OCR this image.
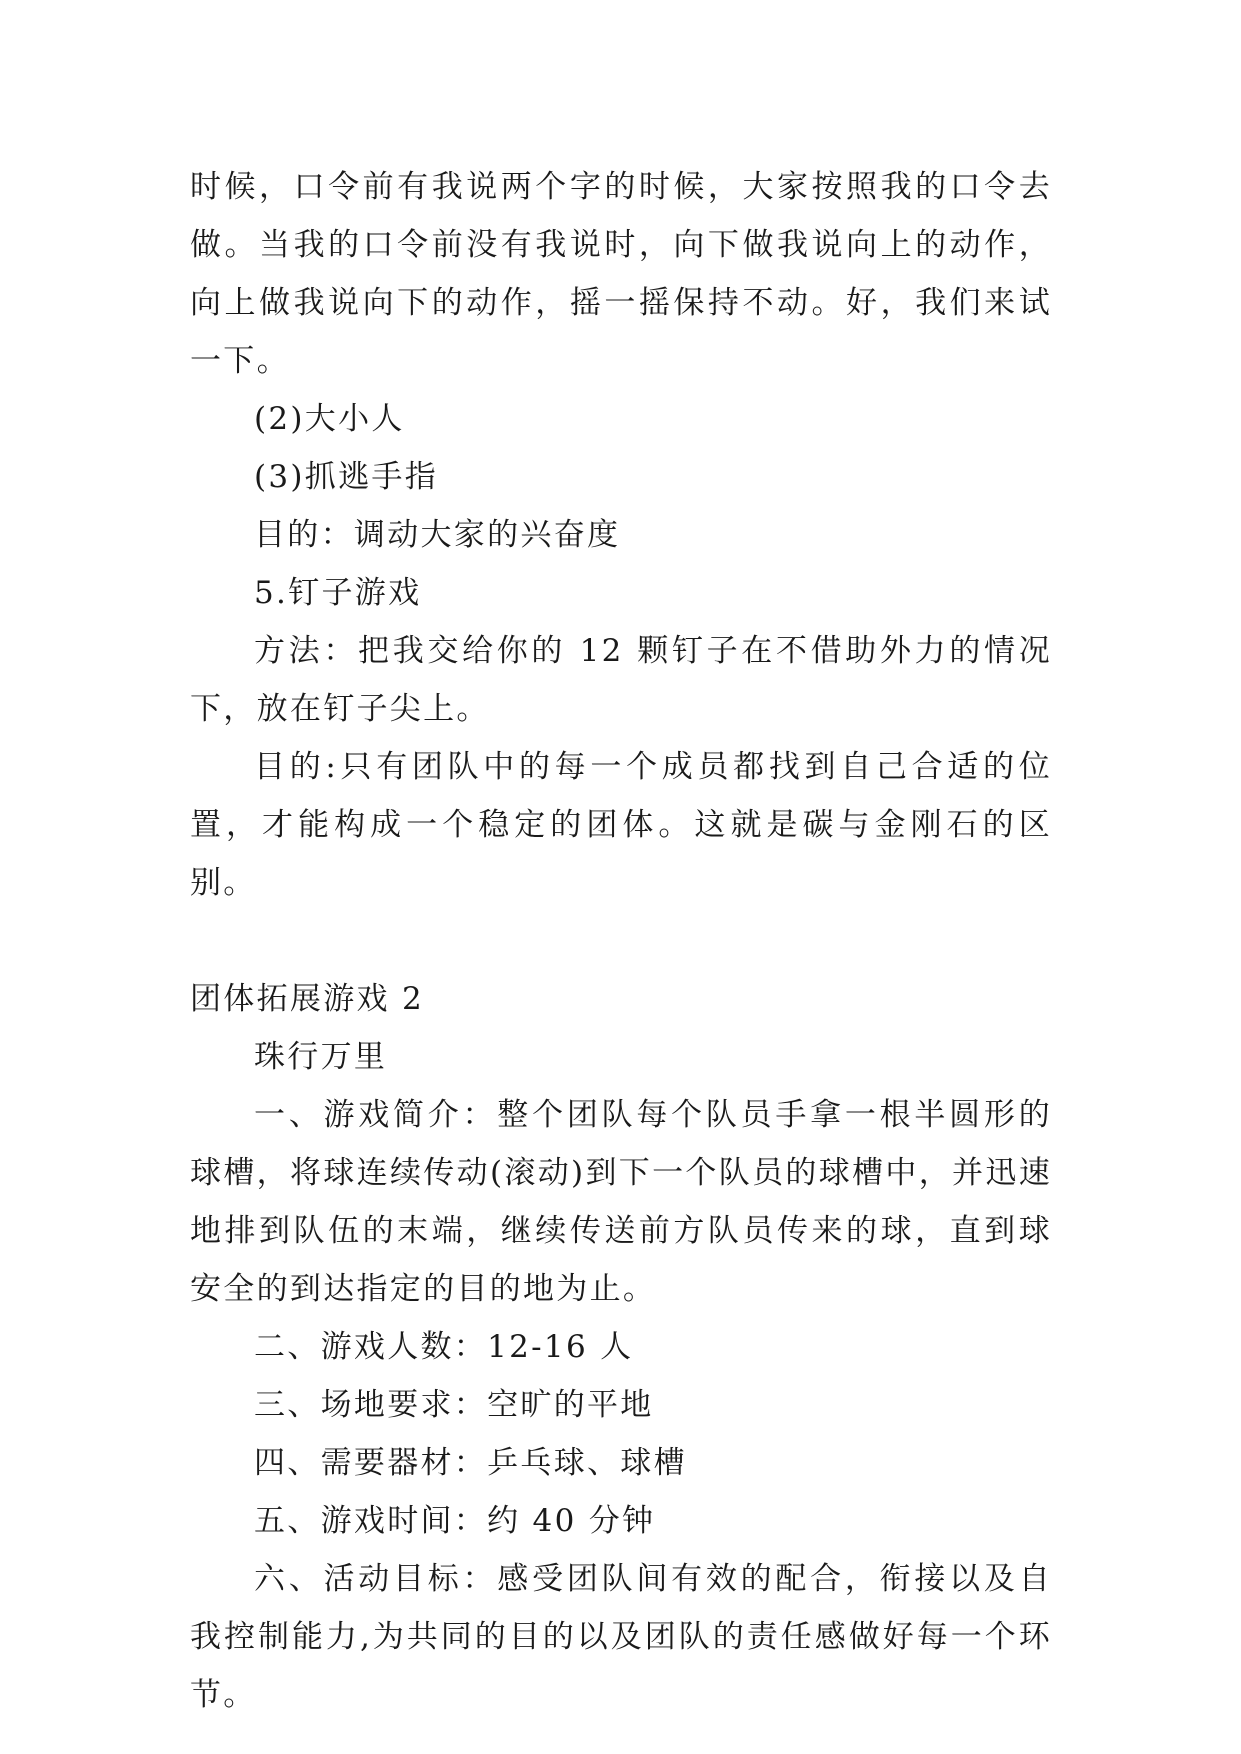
时候，口令前有我说两个字的时候，大家按照我的口令去做。当我的口令前没有我说时，向下做我说向上的动作，向上做我说向下的动作，摇一摇保持不动。好，我们来试一下。

(2)大小人

(3)抓逃手指

目的：调动大家的兴奋度

5.钉子游戏

方法：把我交给你的 12 颗钉子在不借助外力的情况下，放在钉子尖上。

目的:只有团队中的每一个成员都找到自己合适的位置，才能构成一个稳定的团体。这就是碳与金刚石的区别。

团体拓展游戏 2

珠行万里

一、游戏简介：整个团队每个队员手拿一根半圆形的球槽，将球连续传动(滚动)到下一个队员的球槽中，并迅速地排到队伍的末端，继续传送前方队员传来的球，直到球安全的到达指定的目的地为止。

二、游戏人数：12-16 人

三、场地要求：空旷的平地

四、需要器材：乒乓球、球槽

五、游戏时间：约 40 分钟

六、活动目标：感受团队间有效的配合，衔接以及自我控制能力,为共同的目的以及团队的责任感做好每一个环节。
